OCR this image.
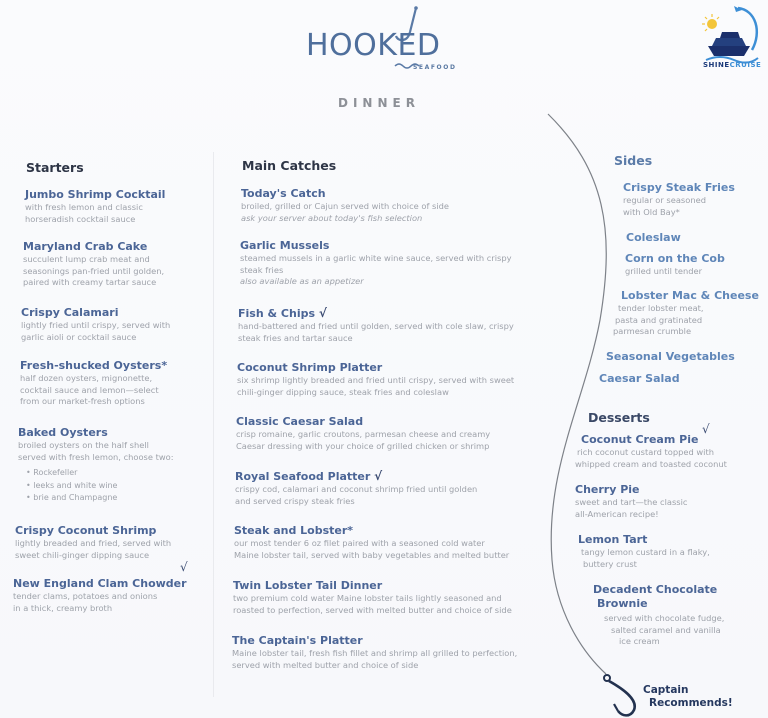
HOOKED
SEAFOOD
DINNER
SHINECRUISE
Starters
Jumbo Shrimp Cocktail
with fresh lemon and classic
horseradish cocktail sauce
Maryland Crab Cake
succulent lump crab meat and
seasonings pan-fried until golden,
paired with creamy tartar sauce
Crispy Calamari
lightly fried until crispy, served with
garlic aioli or cocktail sauce
Fresh-shucked Oysters*
half dozen oysters, mignonette,
cocktail sauce and lemon—select
from our market-fresh options
Baked Oysters
broiled oysters on the half shell
served with fresh lemon, choose two:
• Rockefeller
• leeks and white wine
• brie and Champagne
Crispy Coconut Shrimp
lightly breaded and fried, served with
sweet chili-ginger dipping sauce
√
New England Clam Chowder
tender clams, potatoes and onions
in a thick, creamy broth
Main Catches
Today's Catch
broiled, grilled or Cajun served with choice of side
ask your server about today's fish selection
Garlic Mussels
steamed mussels in a garlic white wine sauce, served with crispy
steak fries
also available as an appetizer
Fish & Chips √
hand-battered and fried until golden, served with cole slaw, crispy
steak fries and tartar sauce
Coconut Shrimp Platter
six shrimp lightly breaded and fried until crispy, served with sweet
chili-ginger dipping sauce, steak fries and coleslaw
Classic Caesar Salad
crisp romaine, garlic croutons, parmesan cheese and creamy
Caesar dressing with your choice of grilled chicken or shrimp
Royal Seafood Platter √
crispy cod, calamari and coconut shrimp fried until golden
and served crispy steak fries
Steak and Lobster*
our most tender 6 oz filet paired with a seasoned cold water
Maine lobster tail, served with baby vegetables and melted butter
Twin Lobster Tail Dinner
two premium cold water Maine lobster tails lightly seasoned and
roasted to perfection, served with melted butter and choice of side
The Captain's Platter
Maine lobster tail, fresh fish fillet and shrimp all grilled to perfection,
served with melted butter and choice of side
Sides
Crispy Steak Fries
regular or seasoned
with Old Bay*
Coleslaw
Corn on the Cob
grilled until tender
Lobster Mac & Cheese
tender lobster meat,
pasta and gratinated
parmesan crumble
Seasonal Vegetables
Caesar Salad
Desserts
√
Coconut Cream Pie
rich coconut custard topped with
whipped cream and toasted coconut
Cherry Pie
sweet and tart—the classic
all-American recipe!
Lemon Tart
tangy lemon custard in a flaky,
buttery crust
Decadent Chocolate
Brownie
served with chocolate fudge,
salted caramel and vanilla
ice cream
Captain
Recommends!
